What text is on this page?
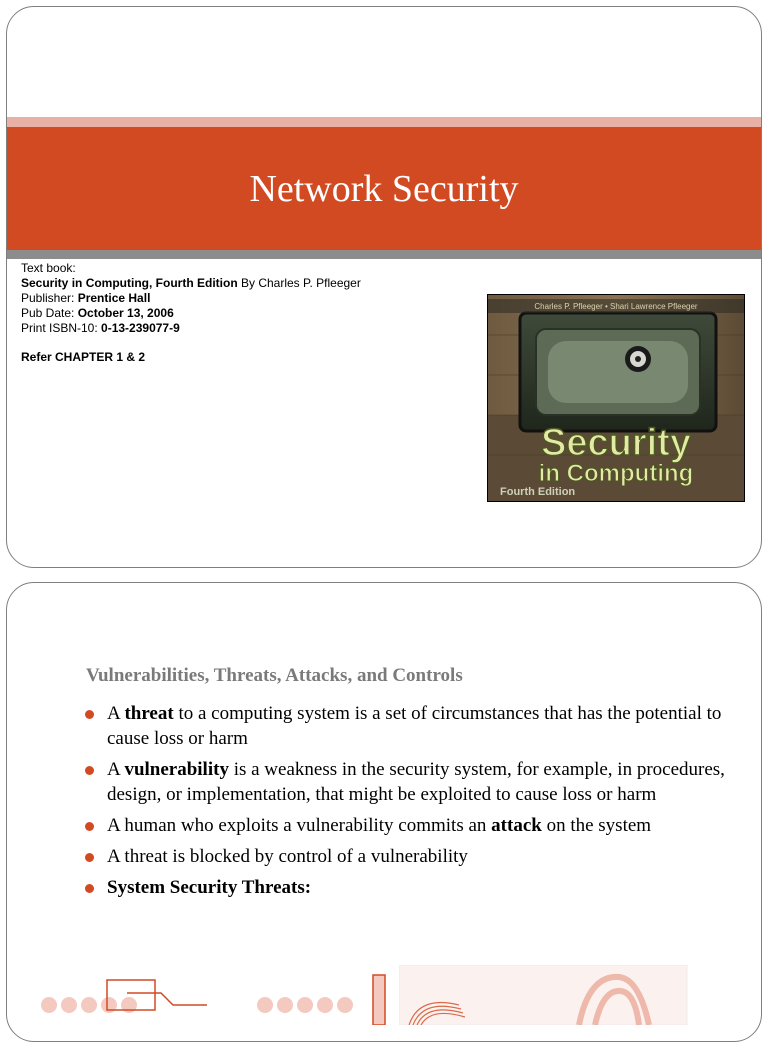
Network Security
Text book:
Security in Computing, Fourth Edition By Charles P. Pfleeger
Publisher: Prentice Hall
Pub Date: October 13, 2006
Print ISBN-10: 0-13-239077-9
Refer CHAPTER 1 & 2
Charles P. Pfleeger • Shari Lawrence Pfleeger
Security
in Computing
Fourth Edition
Vulnerabilities, Threats, Attacks, and Controls
A threat to a computing system is a set of circumstances that has the potential to cause loss or harm
A vulnerability is a weakness in the security system, for example, in procedures, design, or implementation, that might be exploited to cause loss or harm
A human who exploits a vulnerability commits an attack on the system
A threat is blocked by control of a vulnerability
System Security Threats:
